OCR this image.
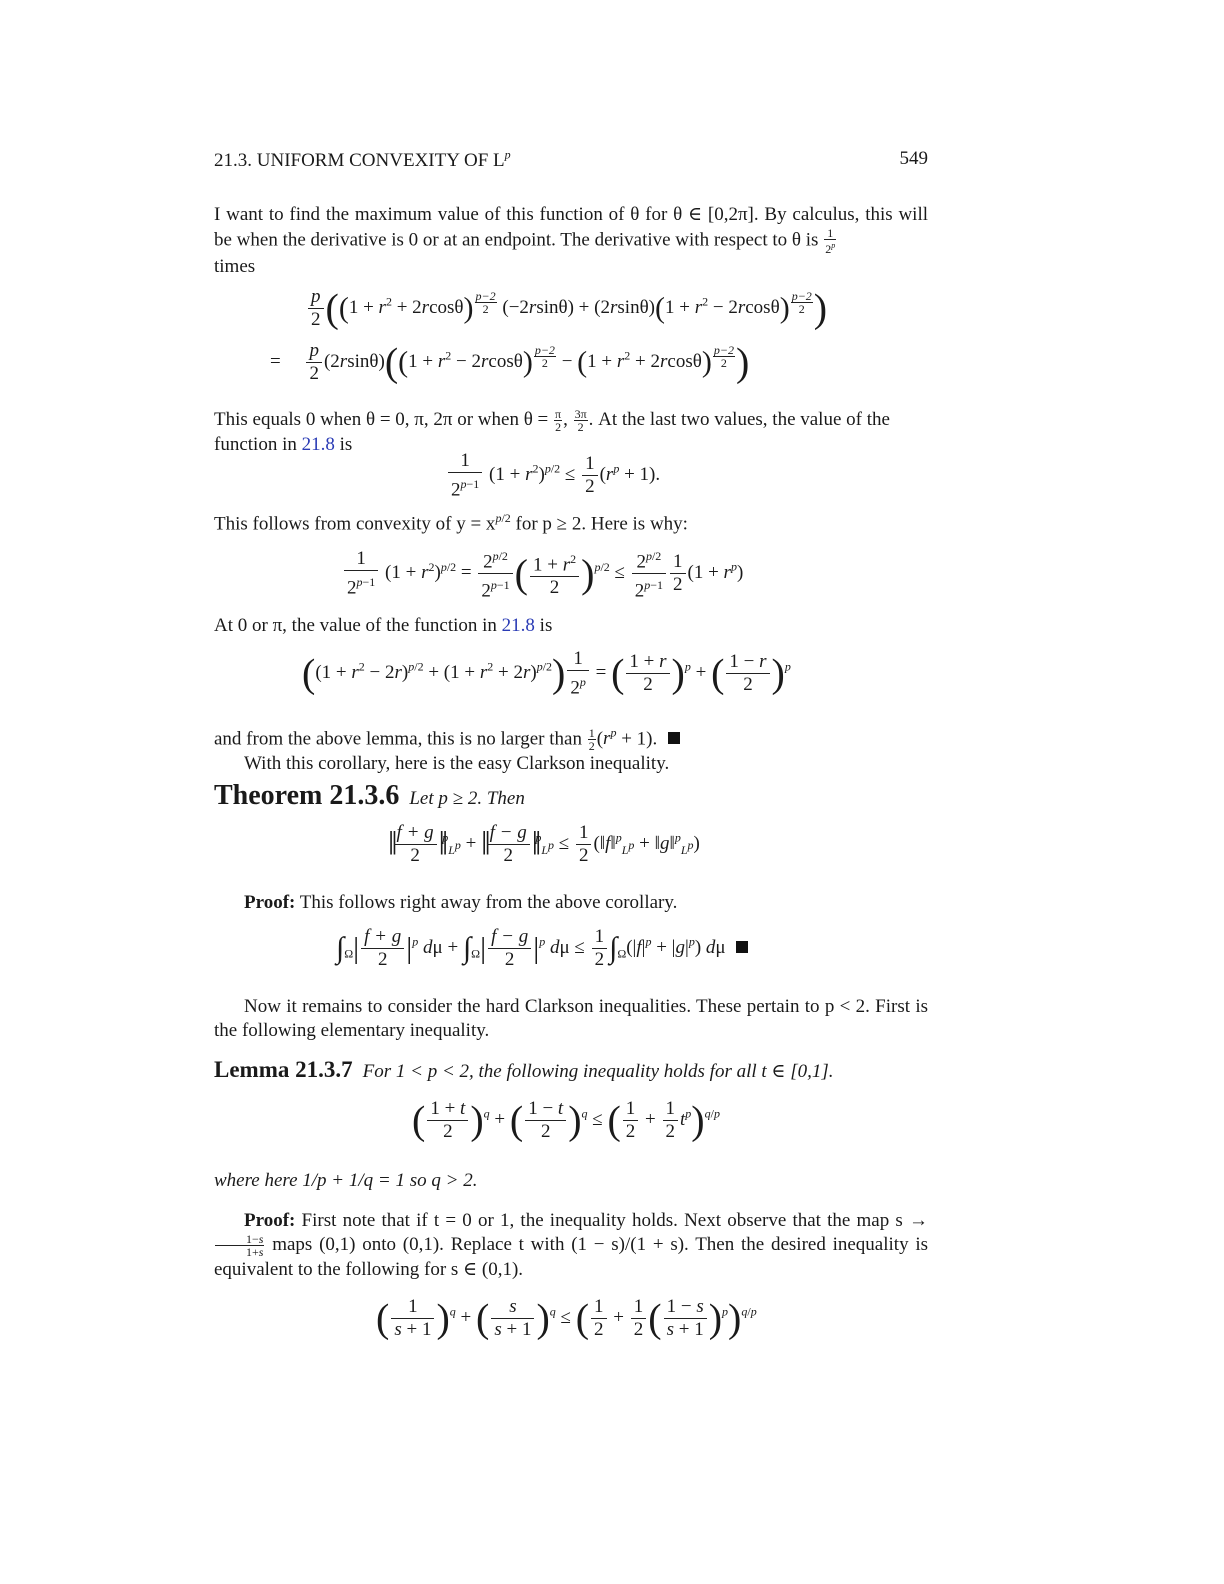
21.3. UNIFORM CONVEXITY OF $L^p$	549

I want to find the maximum value of this function of θ for θ ∈ [0,2π]. By calculus, this will be when the derivative is 0 or at an endpoint. The derivative with respect to θ is $\frac{1}{2^p}$

times

$\frac{p}{2} ((1 + r^2 + 2rcos\theta)$ $^{\frac{p-2}{2}}$ $(-2rsin\theta) + (2rsin\theta)(1 + r^2 - 2rcos\theta)$ $^{\frac{p-2}{2}}$ )
= $\frac{p}{2} (2rsin\theta)((1 + r^2 - 2rcos\theta) ^{\frac{p-2}{2}} - (1 + r^2 + 2rcos\theta)$ $^{\frac{p-2}{2}}$ )

This equals 0 when θ = 0, π, 2π or when $\theta = \frac{\pi}{2}$ , $\frac{3\pi}{2}$ . At the last two values, the value of the
function in 21.8 is

$\frac{1}{2^{p-1}} (1 + r^2)^{p/2} \le \frac{1}{2} (r^p + 1)$.

This follows from convexity of $y = x^{p/2}$ for p ≥ 2. Here is why:

$\frac{1}{2^{p-1}} (1 + r^2)^{p/2} = \frac{2^{p/2}}{2^{p-1}}$ ( $\frac{1 + r^2}{2} )^{p/2} \le \frac{2^{p/2}}{2^{p-1}} \frac{1}{2} (1 + r^p)$

At 0 or π, the value of the function in 21.8 is

$((1 + r^2 - 2r)^{p/2} + (1 + r^2 + 2r)^{p/2}) \frac{1}{2^p}$ = ( $\frac{1 + r}{2} )^p$ + ( $\frac{1 - r}{2} )^p$

and from the above lemma, this is no larger than $\frac{1}{2} (r^p + 1)$.

With this corollary, here is the easy Clarkson inequality.

Theorem 21.3.6 Let p ≥ 2. Then
‖ $\frac{f + g}{2}$ ‖$^p_{L^p}$ + ‖ $\frac{f - g}{2}$ ‖$^p_{L^p}$ ≤ $\frac{1}{2}$ (‖f‖$^p_{L^p}$ + ‖g‖$^p_{L^p}$)

Proof: This follows right away from the above corollary.

$\int_\Omega| \frac{f + g}{2} |^p$ $d\mu + \int_\Omega| \frac{f - g}{2} |^p$ $d\mu \le \frac{1}{2} \int_\Omega(|f|^p + |g|^p)$ dμ

Now it remains to consider the hard Clarkson inequalities. These pertain to p < 2. First is the following elementary inequality.

Lemma 21.3.7 For 1 < p < 2, the following inequality holds for all t ∈ [0,1].
( $\frac{1 + t}{2} )^q$ + ( $\frac{1 - t}{2} )^q$ ≤ ( $\frac{1}{2} + \frac{1}{2} t^p)^{q/p}$

where here 1/p + 1/q = 1 so q > 2.

Proof: First note that if t = 0 or 1, the inequality holds. Next observe that the map s →
$\frac{1-s}{1+s}$ maps (0,1) onto (0,1). Replace t with (1 − s)/(1 + s). Then the desired inequality is equivalent to the following for s ∈ (0,1).

( $\frac{1}{s + 1} )^q$ + ( $\frac{s}{s + 1} )^q$ ≤ ( $\frac{1}{2} + \frac{1}{2}$ ( $\frac{1 - s}{s + 1} )^p)^{q/p}$
